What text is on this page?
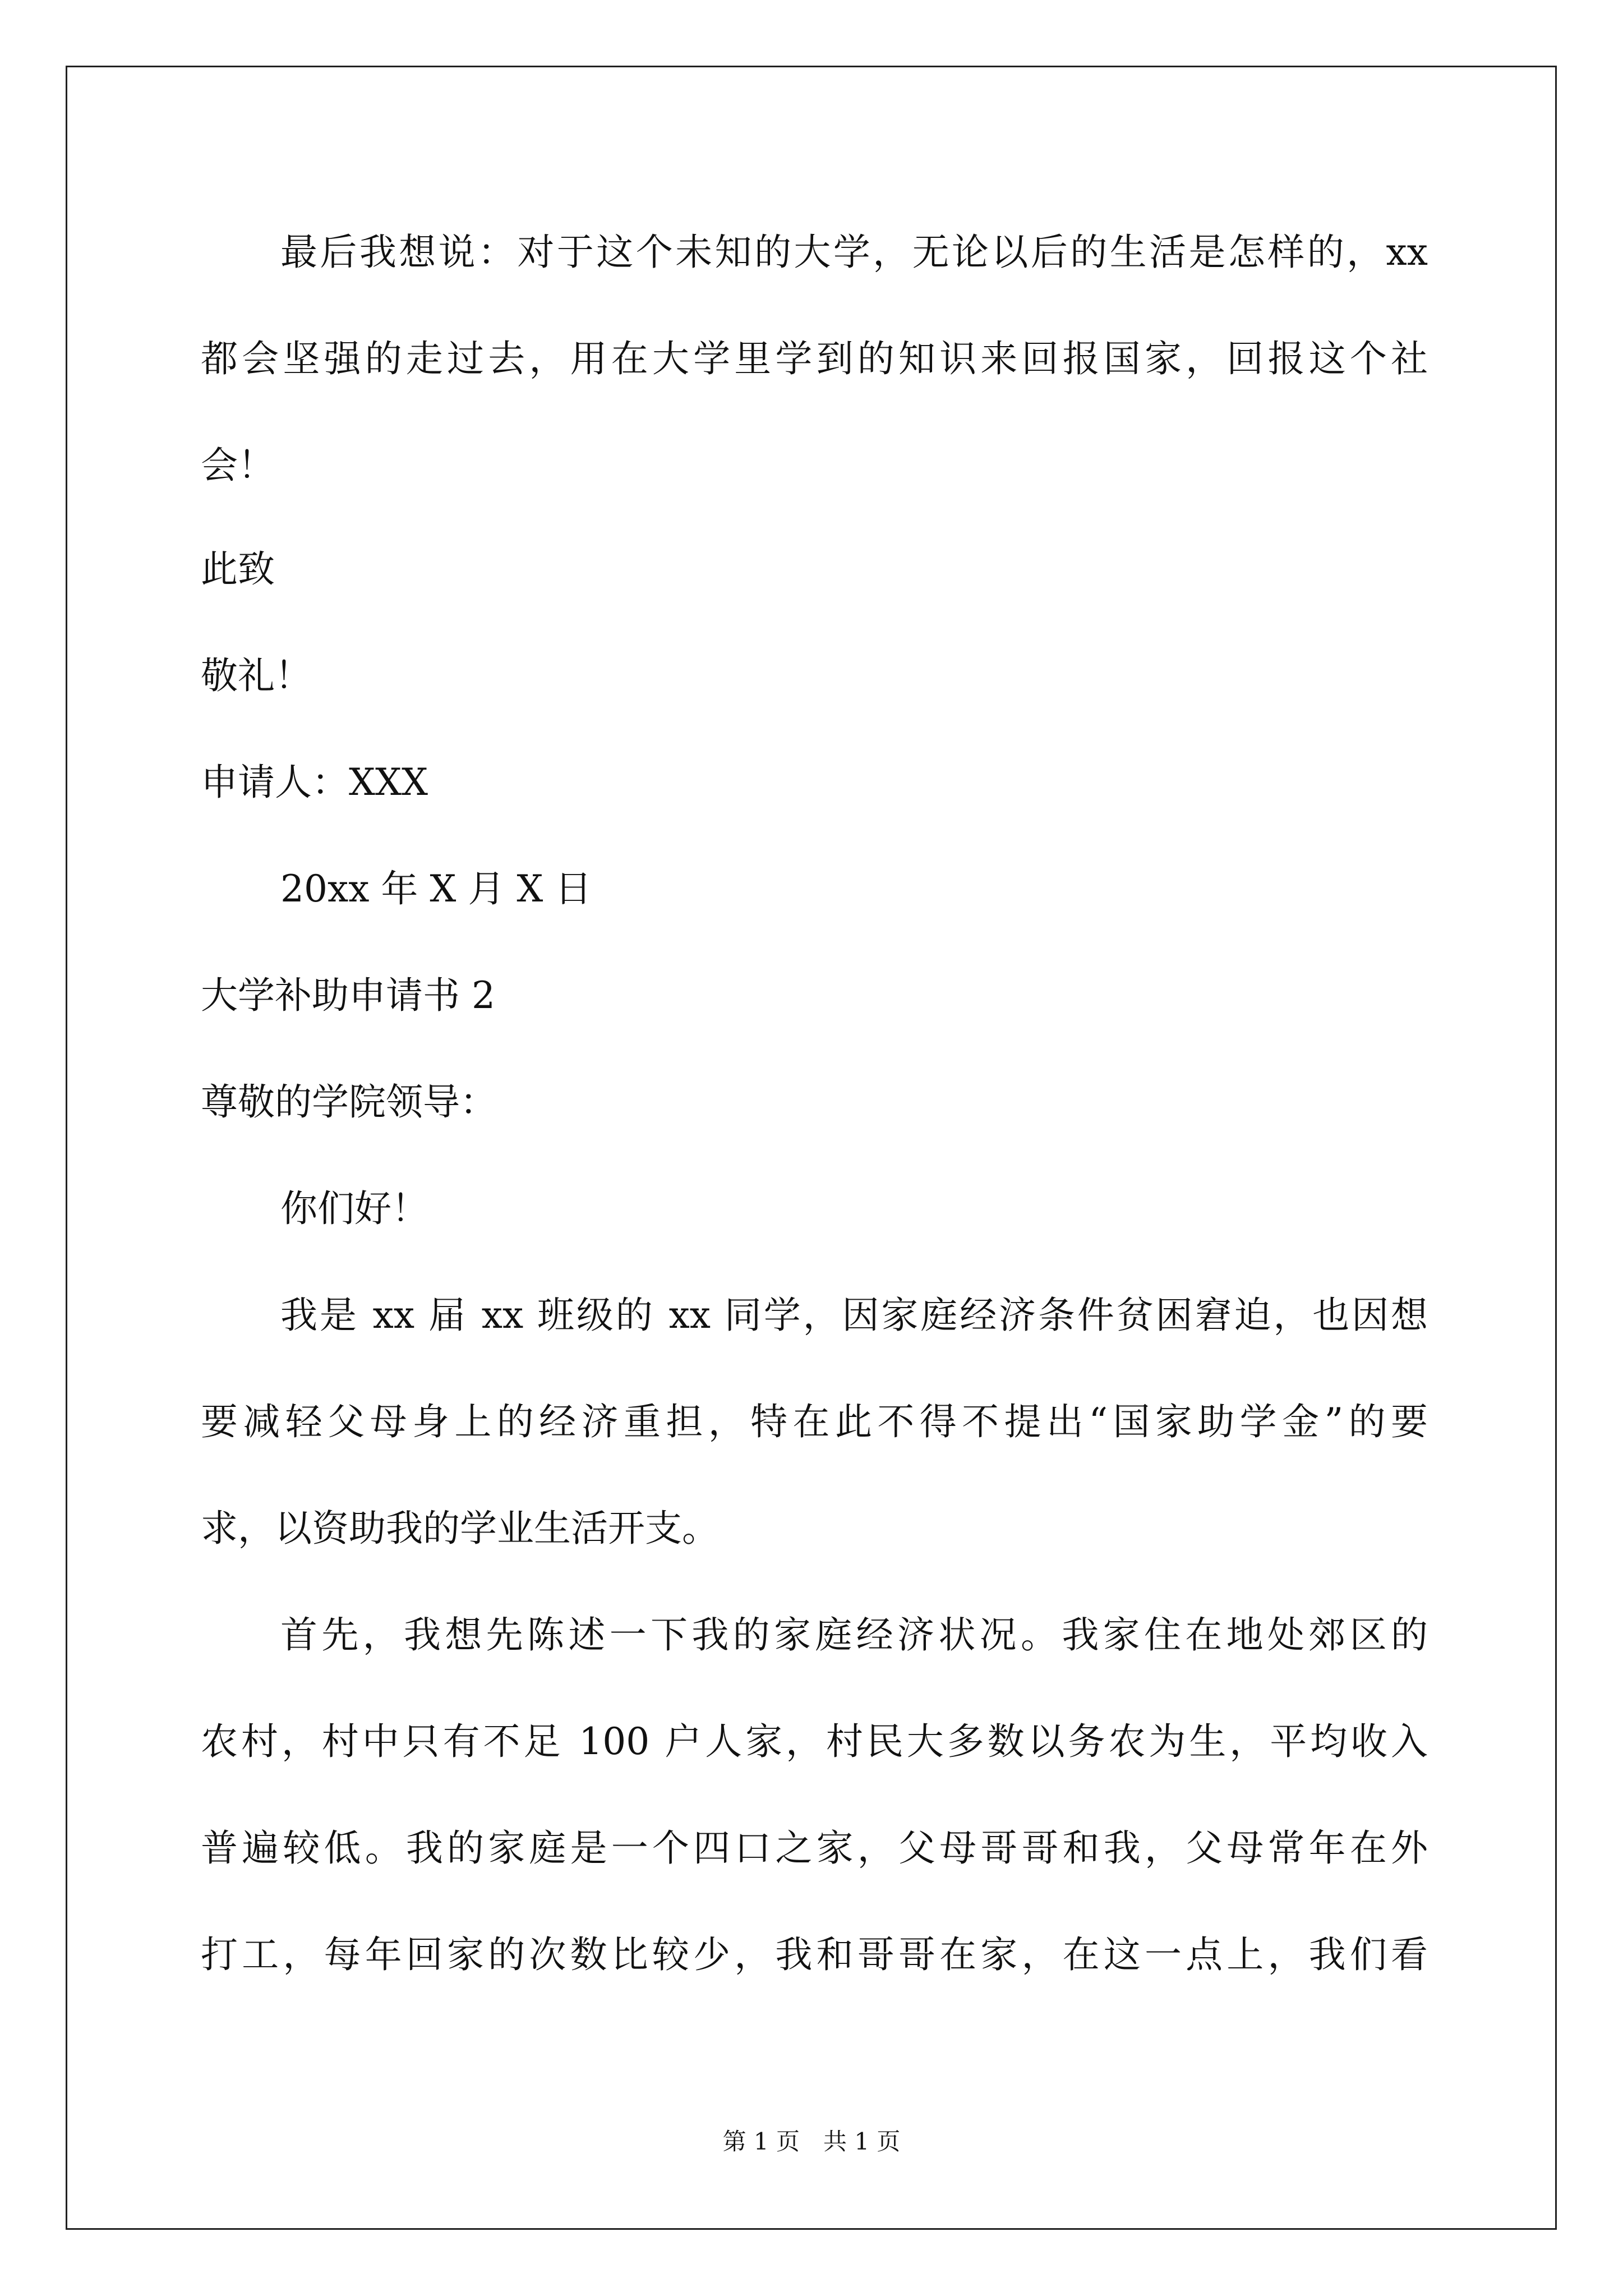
最后我想说：对于这个未知的大学，无论以后的生活是怎样的，xx

都会坚强的走过去，用在大学里学到的知识来回报国家，回报这个社

会！

此致

敬礼！

申请人：XXX

20xx 年 X 月 X 日

大学补助申请书 2

尊敬的学院领导：

你们好！

我是 xx 届 xx 班级的 xx 同学，因家庭经济条件贫困窘迫，也因想

要减轻父母身上的经济重担，特在此不得不提出“国家助学金”的要

求，以资助我的学业生活开支。

首先，我想先陈述一下我的家庭经济状况。我家住在地处郊区的

农村，村中只有不足 100 户人家，村民大多数以务农为生，平均收入

普遍较低。我的家庭是一个四口之家，父母哥哥和我，父母常年在外

打工，每年回家的次数比较少，我和哥哥在家，在这一点上，我们看

第 1 页　共 1 页
